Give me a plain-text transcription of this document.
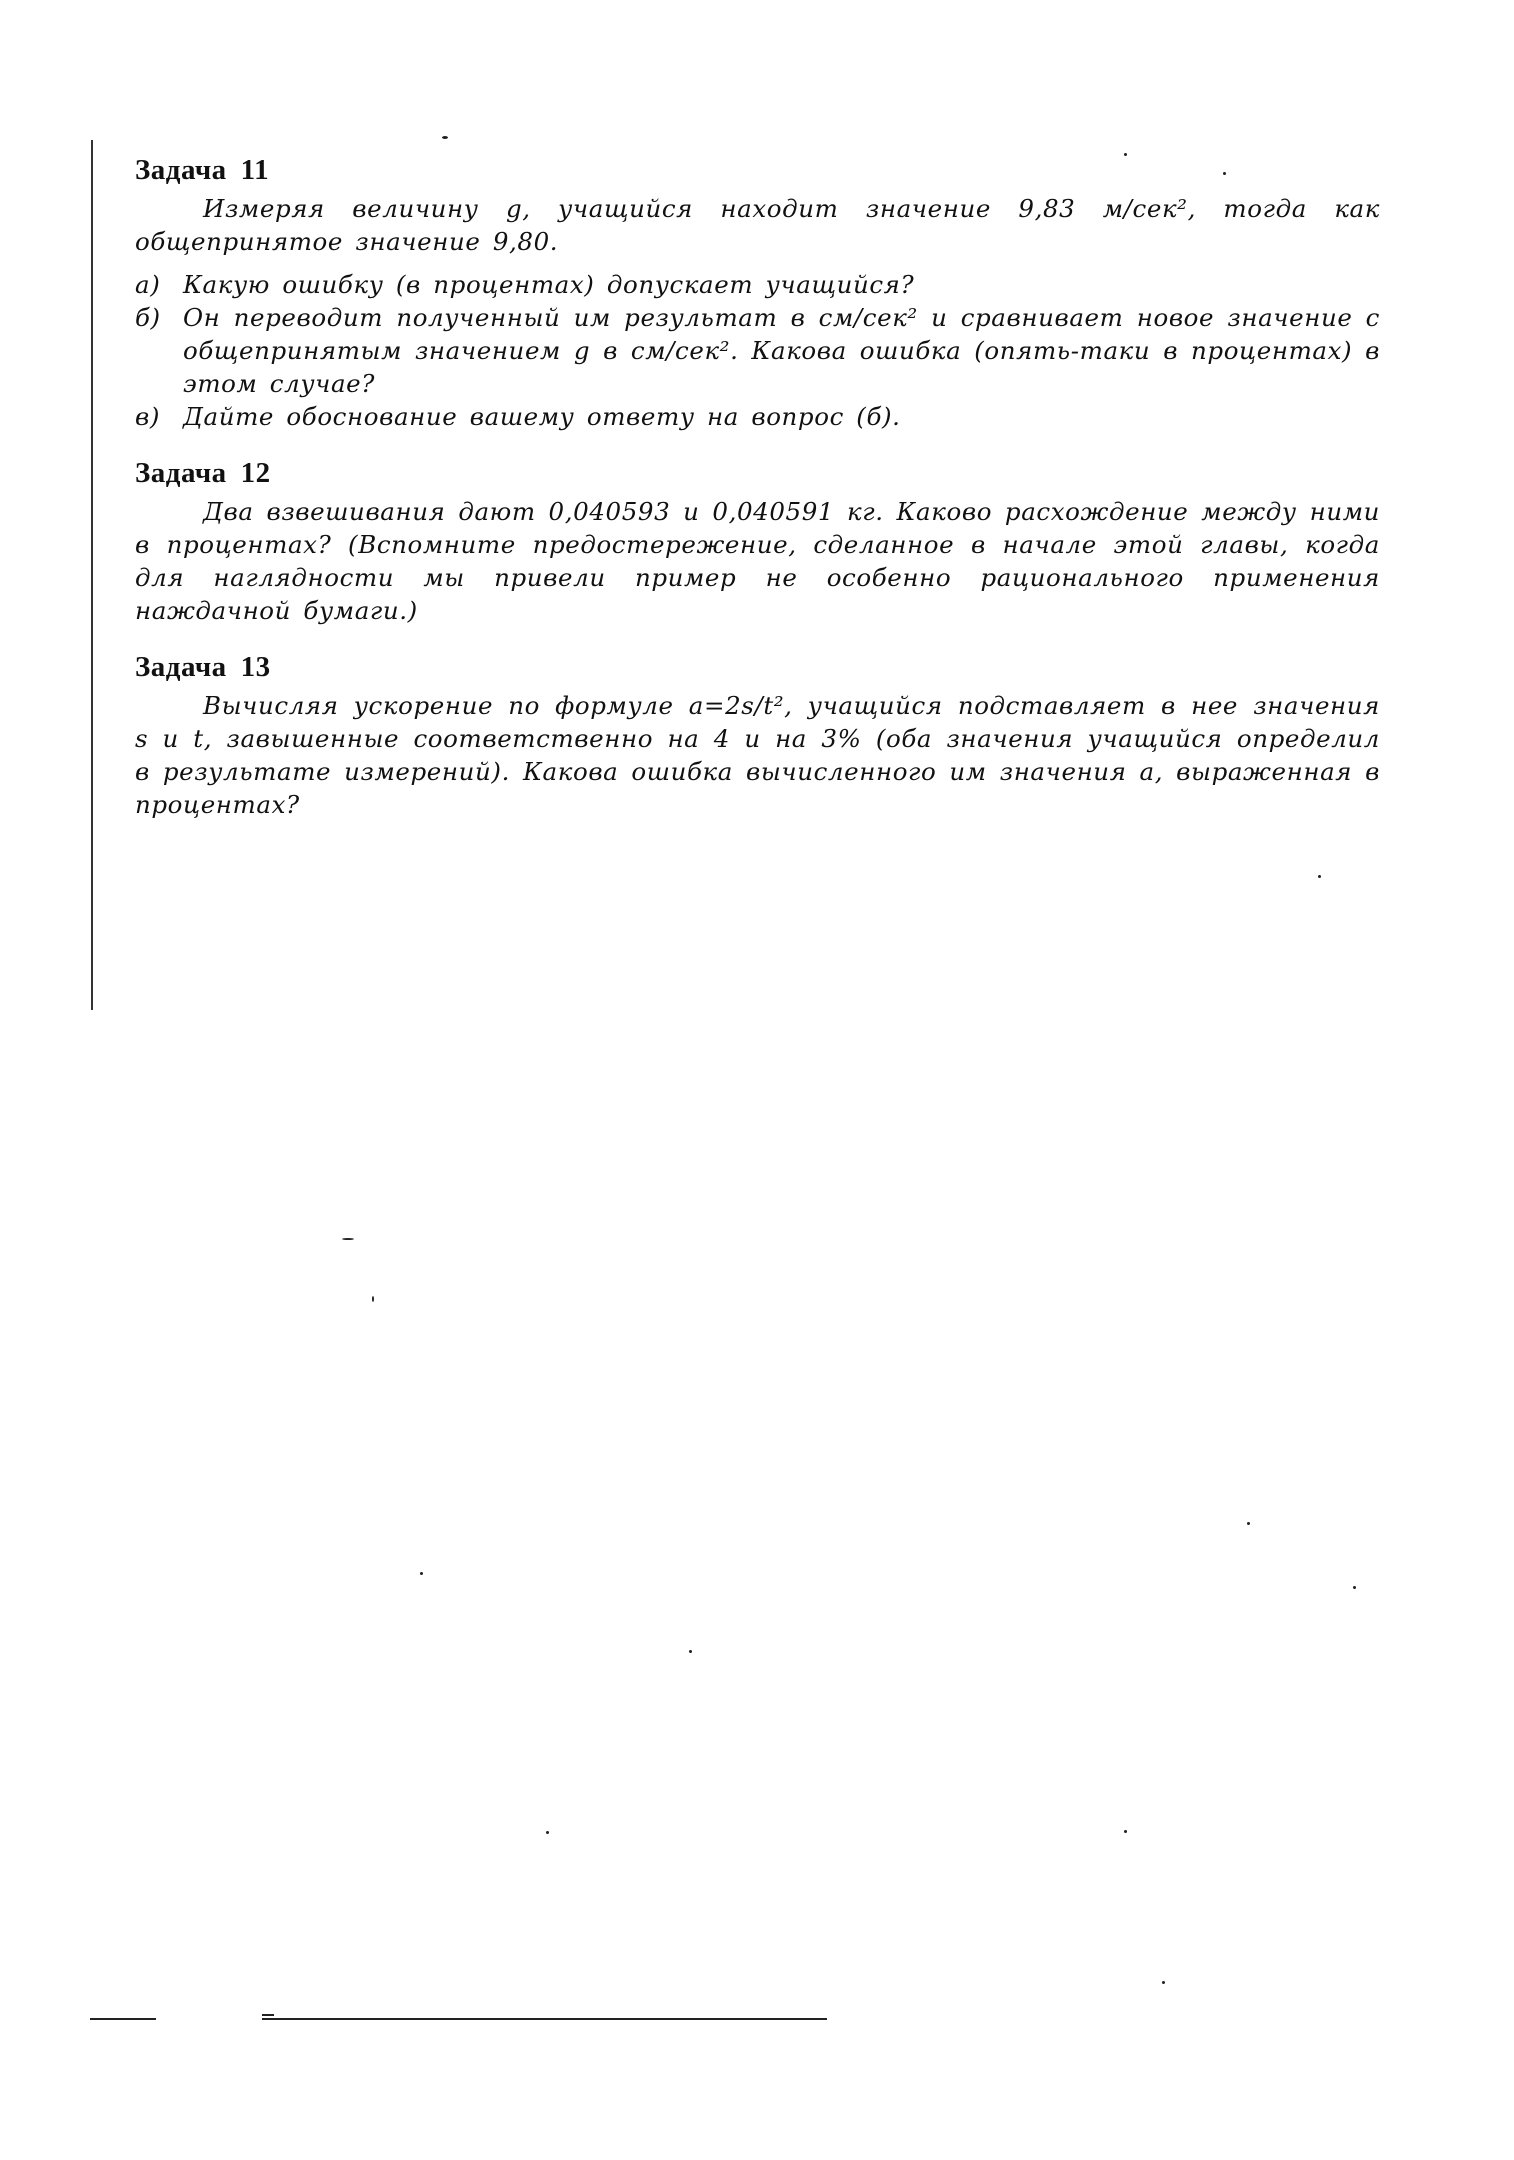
Задача 11

Измеряя величину g, учащийся находит значение 9,83 м/сек², тогда как общепринятое значение 9,80.

а) Какую ошибку (в процентах) допускает учащийся?
б) Он переводит полученный им результат в см/сек² и сравнивает новое значение с общепринятым значением g в см/сек². Какова ошибка (опять-таки в процентах) в этом случае?
в) Дайте обоснование вашему ответу на вопрос (б).
Задача 12

Два взвешивания дают 0,040593 и 0,040591 кг. Каково расхождение между ними в процентах? (Вспомните предостережение, сделанное в начале этой главы, когда для наглядности мы привели пример не особенно рационального применения наждачной бумаги.)

Задача 13

Вычисляя ускорение по формуле a=2s/t², учащийся подставляет в нее значения s и t, завышенные соответственно на 4 и на 3% (оба значения учащийся определил в результате измерений). Какова ошибка вычисленного им значения a, выраженная в процентах?
